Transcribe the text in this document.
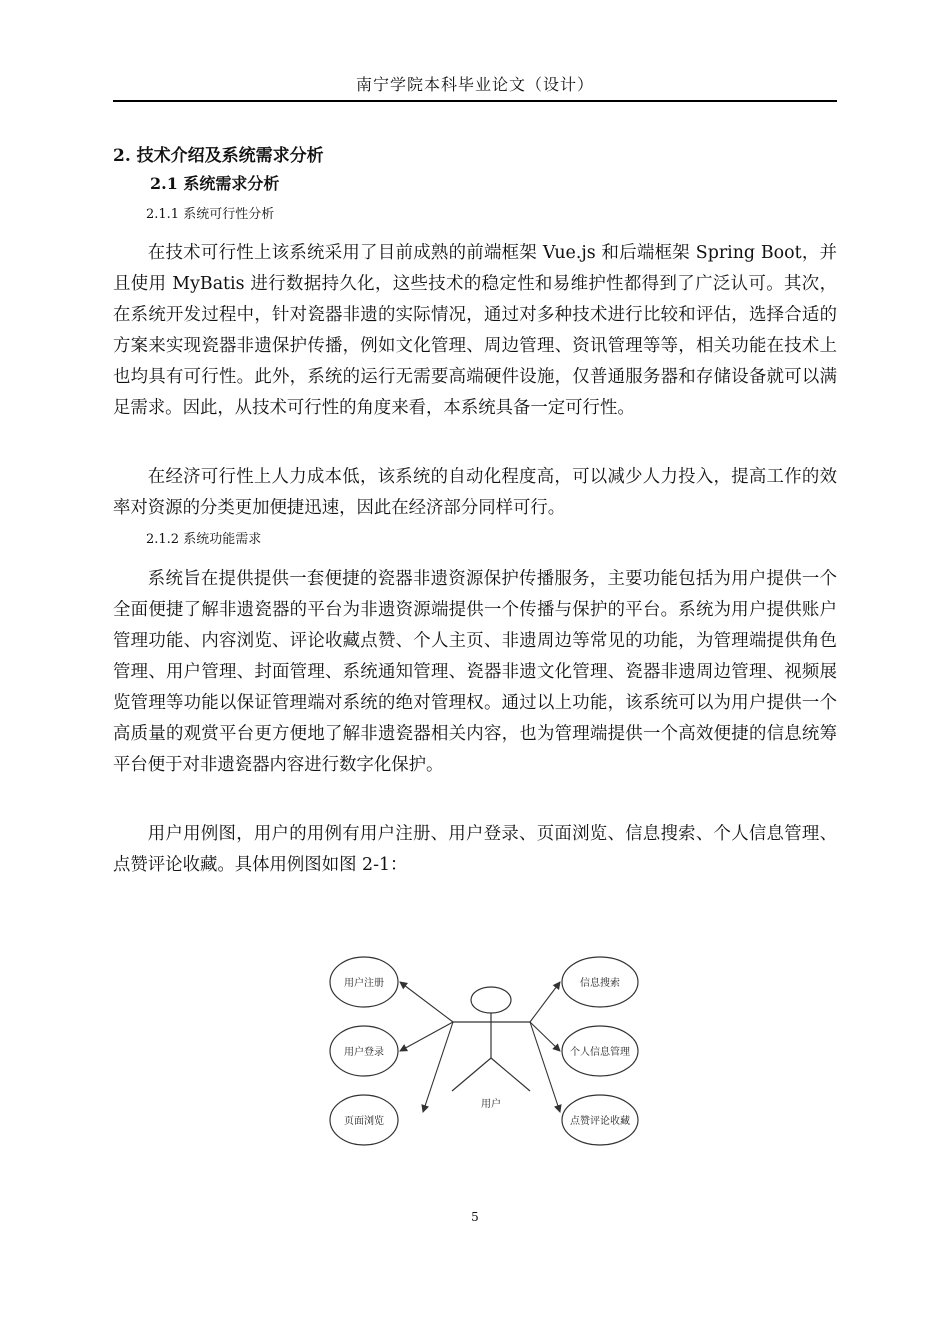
南宁学院本科毕业论文（设计）
2. 技术介绍及系统需求分析
2.1 系统需求分析
2.1.1 系统可行性分析

在技术可行性上该系统采用了目前成熟的前端框架 Vue.js 和后端框架 Spring Boot，并且使用 MyBatis 进行数据持久化，这些技术的稳定性和易维护性都得到了广泛认可。其次，在系统开发过程中，针对瓷器非遗的实际情况，通过对多种技术进行比较和评估，选择合适的方案来实现瓷器非遗保护传播，例如文化管理、周边管理、资讯管理等等，相关功能在技术上也均具有可行性。此外，系统的运行无需要高端硬件设施，仅普通服务器和存储设备就可以满足需求。因此，从技术可行性的角度来看，本系统具备一定可行性。

在经济可行性上人力成本低，该系统的自动化程度高，可以减少人力投入，提高工作的效率对资源的分类更加便捷迅速，因此在经济部分同样可行。

2.1.2 系统功能需求

系统旨在提供提供一套便捷的瓷器非遗资源保护传播服务，主要功能包括为用户提供一个全面便捷了解非遗瓷器的平台为非遗资源端提供一个传播与保护的平台。系统为用户提供账户管理功能、内容浏览、评论收藏点赞、个人主页、非遗周边等常见的功能，为管理端提供角色管理、用户管理、封面管理、系统通知管理、瓷器非遗文化管理、瓷器非遗周边管理、视频展览管理等功能以保证管理端对系统的绝对管理权。通过以上功能，该系统可以为用户提供一个高质量的观赏平台更方便地了解非遗瓷器相关内容，也为管理端提供一个高效便捷的信息统筹平台便于对非遗瓷器内容进行数字化保护。

用户用例图，用户的用例有用户注册、用户登录、页面浏览、信息搜索、个人信息管理、点赞评论收藏。具体用例图如图 2-1：

用户
用户注册
用户登录
页面浏览
信息搜索
个人信息管理
点赞评论收藏
5
